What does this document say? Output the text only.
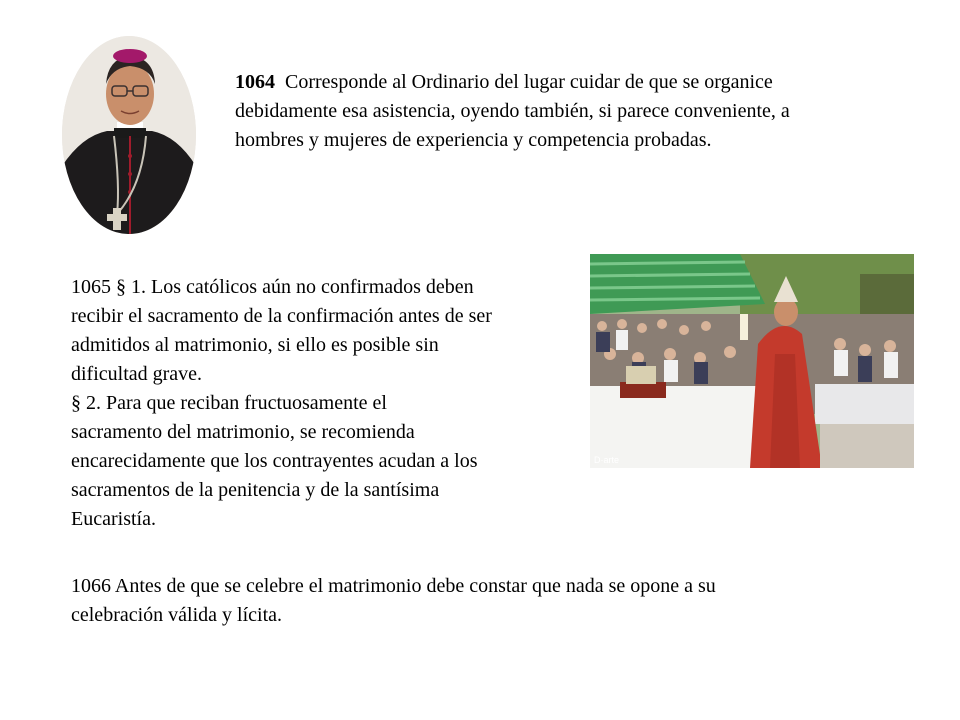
1064 Corresponde al Ordinario del lugar cuidar de que se organice
debidamente esa asistencia, oyendo también, si parece conveniente, a
hombres y mujeres de experiencia y competencia probadas.

1065 § 1. Los católicos aún no confirmados deben
recibir el sacramento de la confirmación antes de ser
admitidos al matrimonio, si ello es posible sin
dificultad grave.
§ 2. Para que reciban fructuosamente el
sacramento del matrimonio, se recomienda
encarecidamente que los contrayentes acudan a los
sacramentos de la penitencia y de la santísima
Eucaristía.

D·arte

1066 Antes de que se celebre el matrimonio debe constar que nada se opone a su
celebración válida y lícita.
